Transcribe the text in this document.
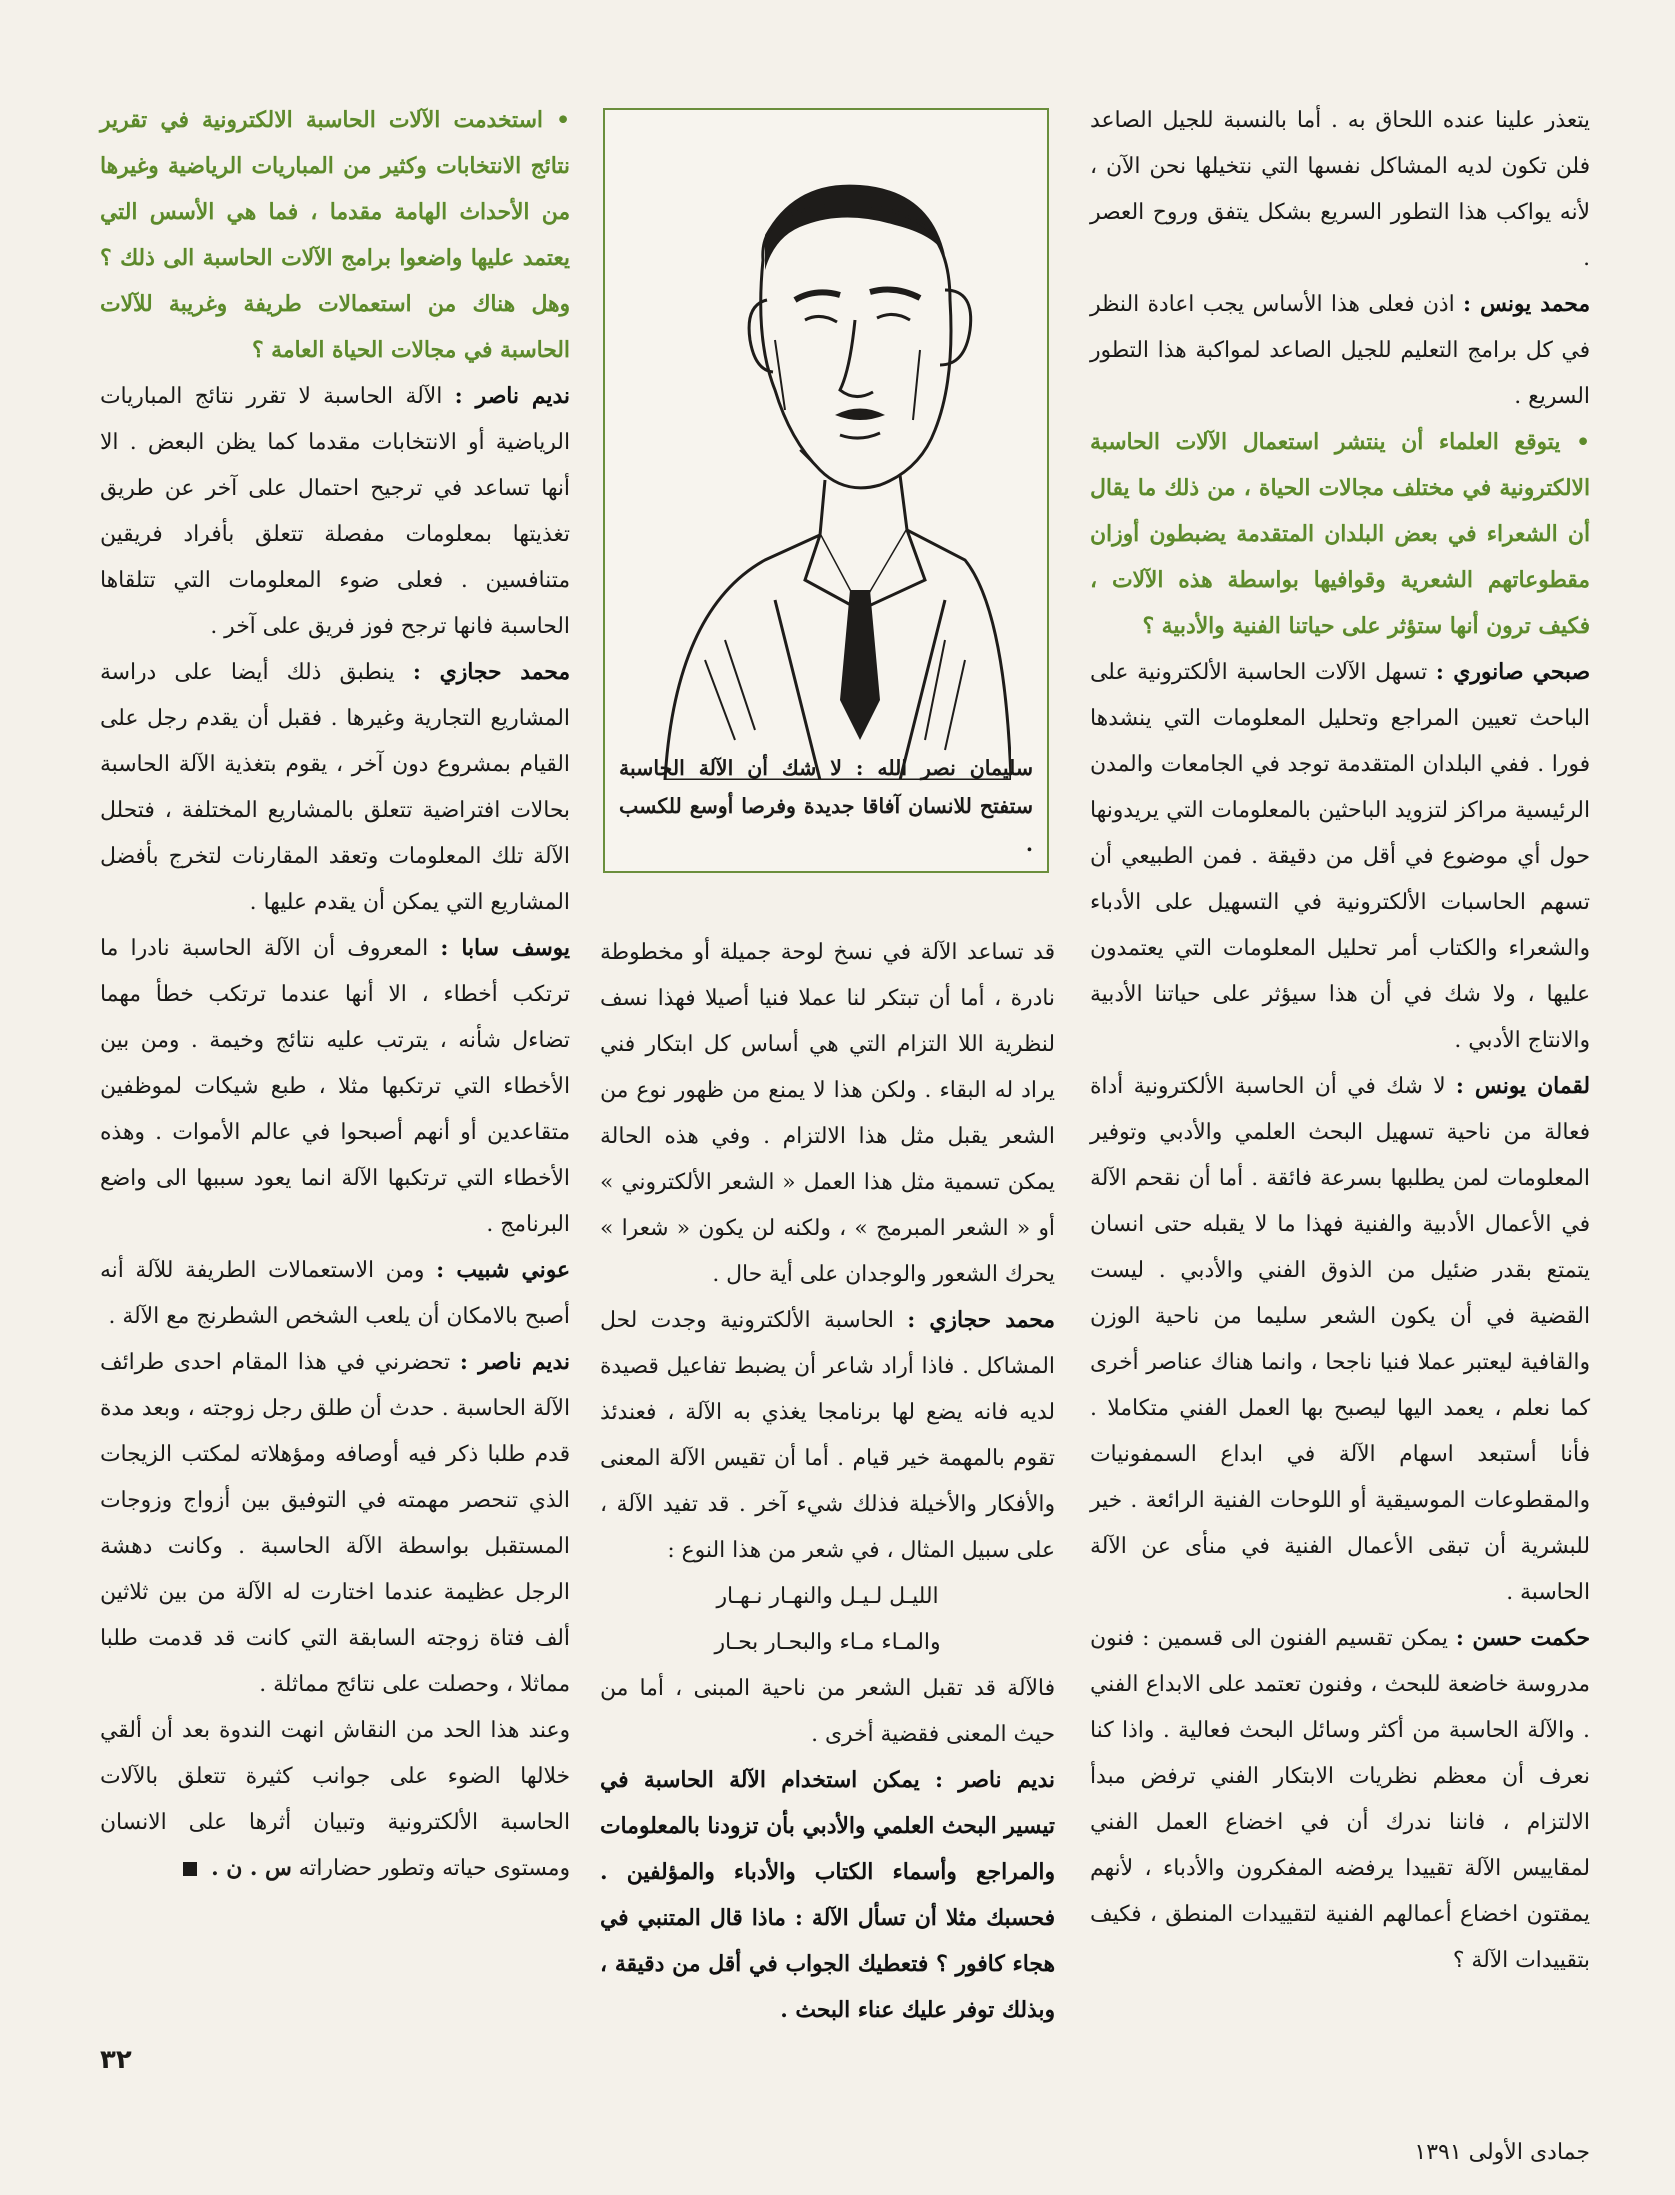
يتعذر علينا عنده اللحاق به . أما بالنسبة للجيل الصاعد فلن تكون لديه المشاكل نفسها التي نتخيلها نحن الآن ، لأنه يواكب هذا التطور السريع بشكل يتفق وروح العصر .

محمد يونس : اذن فعلى هذا الأساس يجب اعادة النظر في كل برامج التعليم للجيل الصاعد لمواكبة هذا التطور السريع .

• يتوقع العلماء أن ينتشر استعمال الآلات الحاسبة الالكترونية في مختلف مجالات الحياة ، من ذلك ما يقال أن الشعراء في بعض البلدان المتقدمة يضبطون أوزان مقطوعاتهم الشعرية وقوافيها بواسطة هذه الآلات ، فكيف ترون أنها ستؤثر على حياتنا الفنية والأدبية ؟

صبحي صانوري : تسهل الآلات الحاسبة الألكترونية على الباحث تعيين المراجع وتحليل المعلومات التي ينشدها فورا . ففي البلدان المتقدمة توجد في الجامعات والمدن الرئيسية مراكز لتزويد الباحثين بالمعلومات التي يريدونها حول أي موضوع في أقل من دقيقة . فمن الطبيعي أن تسهم الحاسبات الألكترونية في التسهيل على الأدباء والشعراء والكتاب أمر تحليل المعلومات التي يعتمدون عليها ، ولا شك في أن هذا سيؤثر على حياتنا الأدبية والانتاج الأدبي .

لقمان يونس : لا شك في أن الحاسبة الألكترونية أداة فعالة من ناحية تسهيل البحث العلمي والأدبي وتوفير المعلومات لمن يطلبها بسرعة فائقة . أما أن نقحم الآلة في الأعمال الأدبية والفنية فهذا ما لا يقبله حتى انسان يتمتع بقدر ضئيل من الذوق الفني والأدبي . ليست القضية في أن يكون الشعر سليما من ناحية الوزن والقافية ليعتبر عملا فنيا ناجحا ، وانما هناك عناصر أخرى كما نعلم ، يعمد اليها ليصبح بها العمل الفني متكاملا . فأنا أستبعد اسهام الآلة في ابداع السمفونيات والمقطوعات الموسيقية أو اللوحات الفنية الرائعة . خير للبشرية أن تبقى الأعمال الفنية في منأى عن الآلة الحاسبة .

حكمت حسن : يمكن تقسيم الفنون الى قسمين : فنون مدروسة خاضعة للبحث ، وفنون تعتمد على الابداع الفني . والآلة الحاسبة من أكثر وسائل البحث فعالية . واذا كنا نعرف أن معظم نظريات الابتكار الفني ترفض مبدأ الالتزام ، فاننا ندرك أن في اخضاع العمل الفني لمقاييس الآلة تقييدا يرفضه المفكرون والأدباء ، لأنهم يمقتون اخضاع أعمالهم الفنية لتقييدات المنطق ، فكيف بتقييدات الآلة ؟

سليمان نصر الله : لا شك أن الآلة الحاسبة ستفتح للانسان آفاقا جديدة وفرصا أوسع للكسب .

قد تساعد الآلة في نسخ لوحة جميلة أو مخطوطة نادرة ، أما أن تبتكر لنا عملا فنيا أصيلا فهذا نسف لنظرية اللا التزام التي هي أساس كل ابتكار فني يراد له البقاء . ولكن هذا لا يمنع من ظهور نوع من الشعر يقبل مثل هذا الالتزام . وفي هذه الحالة يمكن تسمية مثل هذا العمل « الشعر الألكتروني » أو « الشعر المبرمج » ، ولكنه لن يكون « شعرا » يحرك الشعور والوجدان على أية حال .

محمد حجازي : الحاسبة الألكترونية وجدت لحل المشاكل . فاذا أراد شاعر أن يضبط تفاعيل قصيدة لديه فانه يضع لها برنامجا يغذي به الآلة ، فعندئذ تقوم بالمهمة خير قيام . أما أن تقيس الآلة المعنى والأفكار والأخيلة فذلك شيء آخر . قد تفيد الآلة ، على سبيل المثال ، في شعر من هذا النوع :

الليـل لـيـل والنهـار نـهـار

والمـاء مـاء والبحـار بحـار

فالآلة قد تقبل الشعر من ناحية المبنى ، أما من حيث المعنى فقضية أخرى .

نديم ناصر : يمكن استخدام الآلة الحاسبة في تيسير البحث العلمي والأدبي بأن تزودنا بالمعلومات والمراجع وأسماء الكتاب والأدباء والمؤلفين . فحسبك مثلا أن تسأل الآلة : ماذا قال المتنبي في هجاء كافور ؟ فتعطيك الجواب في أقل من دقيقة ، وبذلك توفر عليك عناء البحث .

• استخدمت الآلات الحاسبة الالكترونية في تقرير نتائج الانتخابات وكثير من المباريات الرياضية وغيرها من الأحداث الهامة مقدما ، فما هي الأسس التي يعتمد عليها واضعوا برامج الآلات الحاسبة الى ذلك ؟ وهل هناك من استعمالات طريفة وغريبة للآلات الحاسبة في مجالات الحياة العامة ؟

نديم ناصر : الآلة الحاسبة لا تقرر نتائج المباريات الرياضية أو الانتخابات مقدما كما يظن البعض . الا أنها تساعد في ترجيح احتمال على آخر عن طريق تغذيتها بمعلومات مفصلة تتعلق بأفراد فريقين متنافسين . فعلى ضوء المعلومات التي تتلقاها الحاسبة فانها ترجح فوز فريق على آخر .

محمد حجازي : ينطبق ذلك أيضا على دراسة المشاريع التجارية وغيرها . فقبل أن يقدم رجل على القيام بمشروع دون آخر ، يقوم بتغذية الآلة الحاسبة بحالات افتراضية تتعلق بالمشاريع المختلفة ، فتحلل الآلة تلك المعلومات وتعقد المقارنات لتخرج بأفضل المشاريع التي يمكن أن يقدم عليها .

يوسف سابا : المعروف أن الآلة الحاسبة نادرا ما ترتكب أخطاء ، الا أنها عندما ترتكب خطأ مهما تضاءل شأنه ، يترتب عليه نتائج وخيمة . ومن بين الأخطاء التي ترتكبها مثلا ، طبع شيكات لموظفين متقاعدين أو أنهم أصبحوا في عالم الأموات . وهذه الأخطاء التي ترتكبها الآلة انما يعود سببها الى واضع البرنامج .

عوني شبيب : ومن الاستعمالات الطريفة للآلة أنه أصبح بالامكان أن يلعب الشخص الشطرنج مع الآلة .

نديم ناصر : تحضرني في هذا المقام احدى طرائف الآلة الحاسبة . حدث أن طلق رجل زوجته ، وبعد مدة قدم طلبا ذكر فيه أوصافه ومؤهلاته لمكتب الزيجات الذي تنحصر مهمته في التوفيق بين أزواج وزوجات المستقبل بواسطة الآلة الحاسبة . وكانت دهشة الرجل عظيمة عندما اختارت له الآلة من بين ثلاثين ألف فتاة زوجته السابقة التي كانت قد قدمت طلبا مماثلا ، وحصلت على نتائج مماثلة .

وعند هذا الحد من النقاش انهت الندوة بعد أن ألقي خلالها الضوء على جوانب كثيرة تتعلق بالآلات الحاسبة الألكترونية وتبيان أثرها على الانسان ومستوى حياته وتطور حضاراته س . ن .

٣٢
جمادى الأولى ١٣٩١
